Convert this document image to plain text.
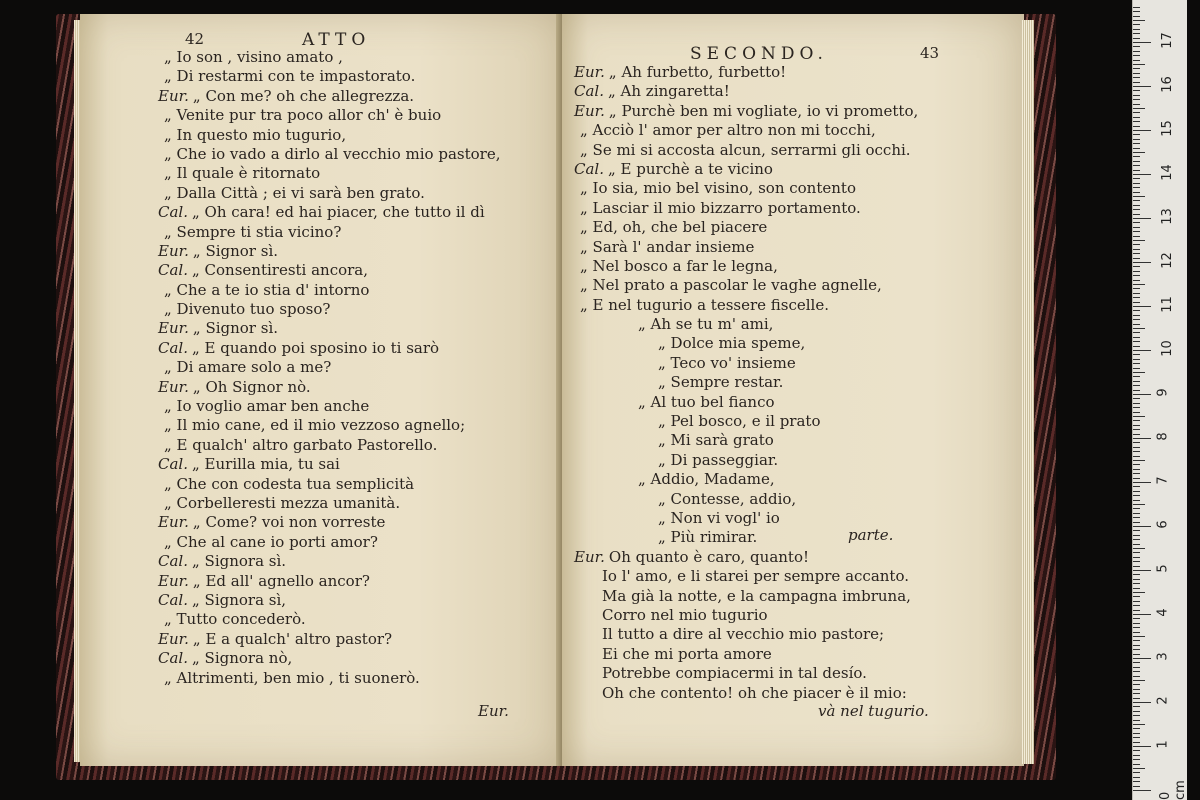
42	ATTO
„ Io son , visino amato ,
„ Di restarmi con te impastorato.
Eur. „ Con me? oh che allegrezza.
„ Venite pur tra poco allor ch' è buio
„ In questo mio tugurio,
„ Che io vado a dirlo al vecchio mio pastore,
„ Il quale è ritornato
„ Dalla Città ; ei vi sarà ben grato.
Cal. „ Oh cara! ed hai piacer, che tutto il dì
„ Sempre ti stia vicino?
Eur. „ Signor sì.
Cal. „ Consentiresti ancora,
„ Che a te io stia d' intorno
„ Divenuto tuo sposo?
Eur. „ Signor sì.
Cal. „ E quando poi sposino io ti sarò
„ Di amare solo a me?
Eur. „ Oh Signor nò.
„ Io voglio amar ben anche
„ Il mio cane, ed il mio vezzoso agnello;
„ E qualch' altro garbato Pastorello.
Cal. „ Eurilla mia, tu sai
„ Che con codesta tua semplicità
„ Corbelleresti mezza umanità.
Eur. „ Come? voi non vorreste
„ Che al cane io porti amor?
Cal. „ Signora sì.
Eur. „ Ed all' agnello ancor?
Cal. „ Signora sì,
„ Tutto concederò.
Eur. „ E a qualch' altro pastor?
Cal. „ Signora nò,
„ Altrimenti, ben mio , ti suonerò.
Eur.
SECONDO.	43
Eur. „ Ah furbetto, furbetto!
Cal. „ Ah zingaretta!
Eur. „ Purchè ben mi vogliate, io vi prometto,
„ Acciò l' amor per altro non mi tocchi,
„ Se mi si accosta alcun, serrarmi gli occhi.
Cal. „ E purchè a te vicino
„ Io sia, mio bel visino, son contento
„ Lasciar il mio bizzarro portamento.
„ Ed, oh, che bel piacere
„ Sarà l' andar insieme
„ Nel bosco a far le legna,
„ Nel prato a pascolar le vaghe agnelle,
„ E nel tugurio a tessere fiscelle.
„ Ah se tu m' ami,
„ Dolce mia speme,
„ Teco vo' insieme
„ Sempre restar.
„ Al tuo bel fianco
„ Pel bosco, e il prato
„ Mi sarà grato
„ Di passeggiar.
„ Addio, Madame,
„ Contesse, addio,
„ Non vi vogl' io
„ Più rimirar.
Eur. Oh quanto è caro, quanto!
Io l' amo, e li starei per sempre accanto.
Ma già la notte, e la campagna imbruna,
Corro nel mio tugurio
Il tutto a dire al vecchio mio pastore;
Ei che mi porta amore
Potrebbe compiacermi in tal desío.
Oh che contento! oh che piacer è il mio:
parte.
và nel tugurio.
0 cm
1
2
3
4
5
6
7
8
9
10
11
12
13
14
15
16
17
